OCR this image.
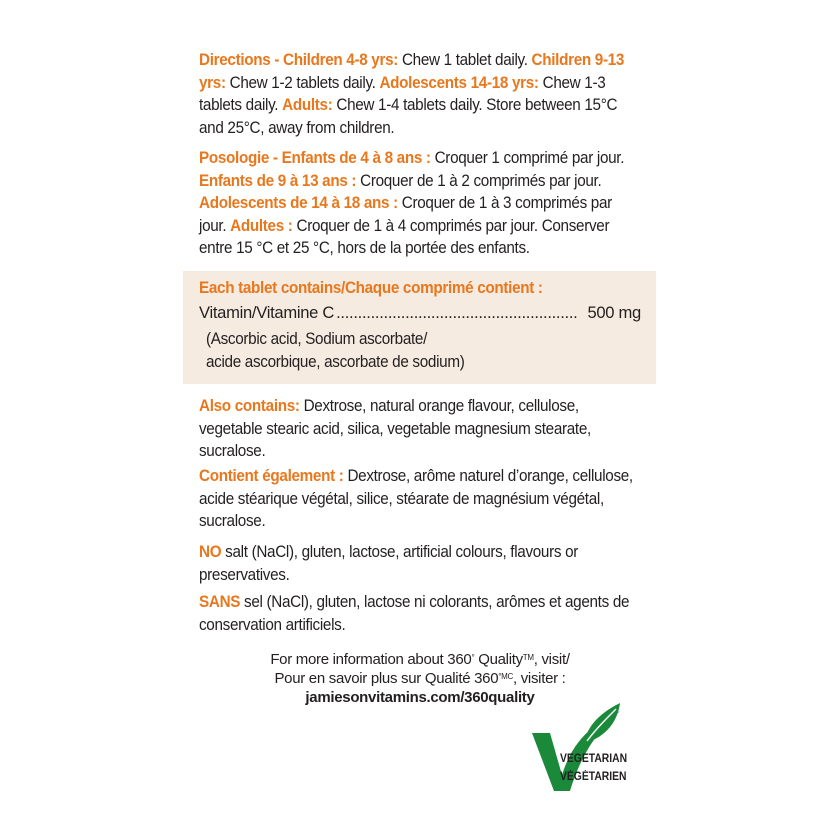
Directions - Children 4-8 yrs: Chew 1 tablet daily. Children 9-13 yrs: Chew 1-2 tablets daily. Adolescents 14-18 yrs: Chew 1-3 tablets daily. Adults: Chew 1-4 tablets daily. Store between 15°C and 25°C, away from children.
Posologie - Enfants de 4 à 8 ans : Croquer 1 comprimé par jour. Enfants de 9 à 13 ans : Croquer de 1 à 2 comprimés par jour. Adolescents de 14 à 18 ans : Croquer de 1 à 3 comprimés par jour. Adultes : Croquer de 1 à 4 comprimés par jour. Conserver entre 15 °C et 25 °C, hors de la portée des enfants.
Each tablet contains/Chaque comprimé contient :
Vitamin/Vitamine C ........................................................ 500 mg
(Ascorbic acid, Sodium ascorbate/
acide ascorbique, ascorbate de sodium)
Also contains: Dextrose, natural orange flavour, cellulose, vegetable stearic acid, silica, vegetable magnesium stearate, sucralose.
Contient également : Dextrose, arôme naturel d’orange, cellulose, acide stéarique végétal, silice, stéarate de magnésium végétal, sucralose.
NO salt (NaCl), gluten, lactose, artificial colours, flavours or preservatives.
SANS sel (NaCl), gluten, lactose ni colorants, arômes et agents de conservation artificiels.
For more information about 360° Quality™, visit/
Pour en savoir plus sur Qualité $360^{^\circ MC}$, visiter :
jamiesonvitamins.com/360quality
VEGETARIAN
VÉGÉTARIEN
